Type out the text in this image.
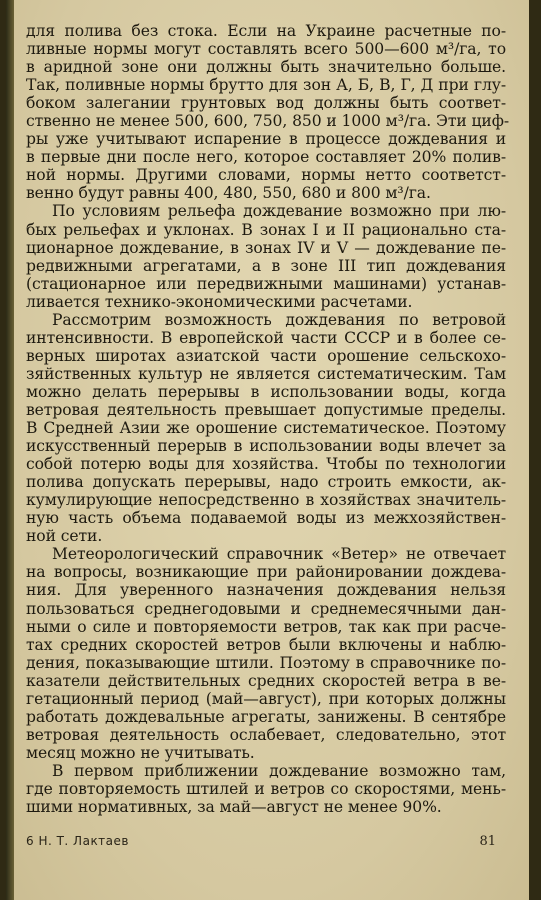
для полива без стока. Если на Украине расчетные по-
ливные нормы могут составлять всего 500—600 м³/га, то
в аридной зоне они должны быть значительно больше.
Так, поливные нормы брутто для зон А, Б, В, Г, Д при глу-
боком залегании грунтовых вод должны быть соответ-
ственно не менее 500, 600, 750, 850 и 1000 м³/га. Эти циф-
ры уже учитывают испарение в процессе дождевания и
в первые дни после него, которое составляет 20% полив-
ной нормы. Другими словами, нормы нетто соответст-
венно будут равны 400, 480, 550, 680 и 800 м³/га.
По условиям рельефа дождевание возможно при лю-
бых рельефах и уклонах. В зонах I и II рационально ста-
ционарное дождевание, в зонах IV и V — дождевание пе-
редвижными агрегатами, а в зоне III тип дождевания
(стационарное или передвижными машинами) устанав-
ливается технико-экономическими расчетами.
Рассмотрим возможность дождевания по ветровой
интенсивности. В европейской части СССР и в более се-
верных широтах азиатской части орошение сельскохо-
зяйственных культур не является систематическим. Там
можно делать перерывы в использовании воды, когда
ветровая деятельность превышает допустимые пределы.
В Средней Азии же орошение систематическое. Поэтому
искусственный перерыв в использовании воды влечет за
собой потерю воды для хозяйства. Чтобы по технологии
полива допускать перерывы, надо строить емкости, ак-
кумулирующие непосредственно в хозяйствах значитель-
ную часть объема подаваемой воды из межхозяйствен-
ной сети.
Метеорологический справочник «Ветер» не отвечает
на вопросы, возникающие при районировании дождева-
ния. Для уверенного назначения дождевания нельзя
пользоваться среднегодовыми и среднемесячными дан-
ными о силе и повторяемости ветров, так как при расче-
тах средних скоростей ветров были включены и наблю-
дения, показывающие штили. Поэтому в справочнике по-
казатели действительных средних скоростей ветра в ве-
гетационный период (май—август), при которых должны
работать дождевальные агрегаты, занижены. В сентябре
ветровая деятельность ослабевает, следовательно, этот
месяц можно не учитывать.
В первом приближении дождевание возможно там,
где повторяемость штилей и ветров со скоростями, мень-
шими нормативных, за май—август не менее 90%.
6 Н. Т. Лактаев	81
